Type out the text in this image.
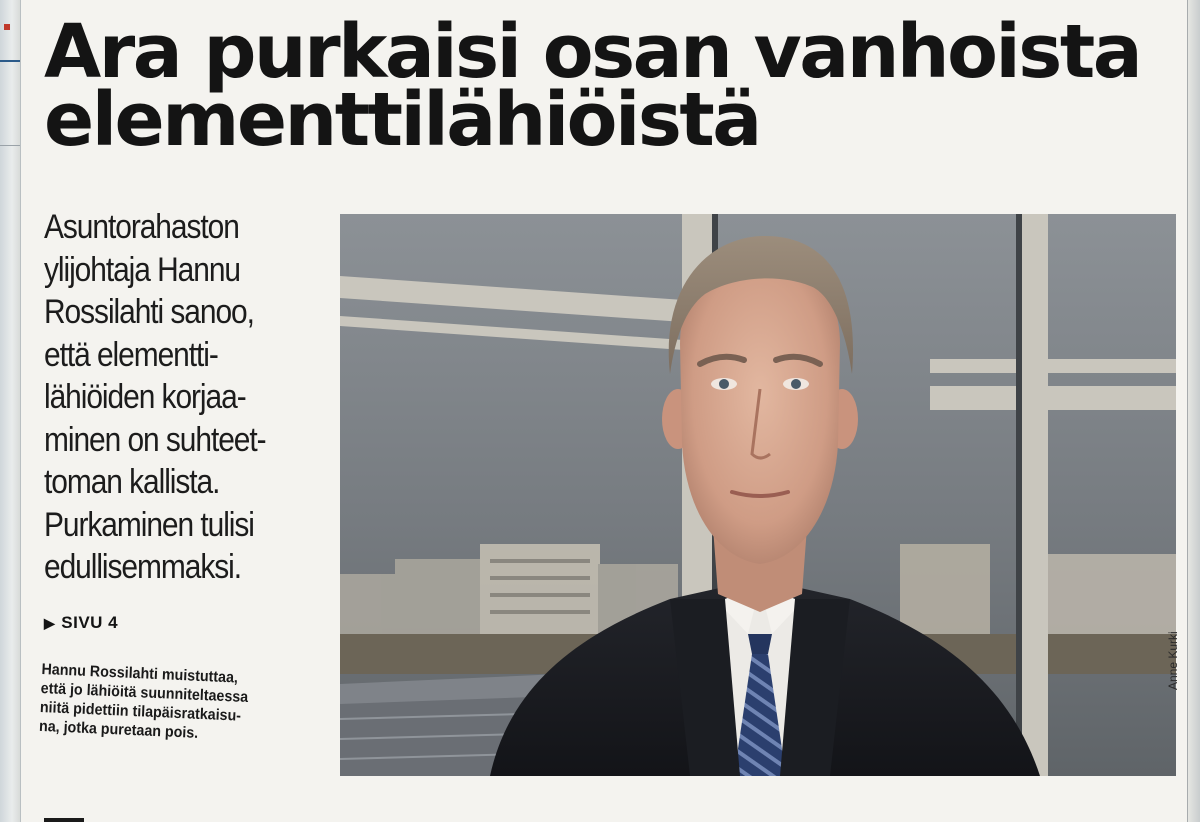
Ara purkaisi osan vanhoista
elementtilähiöistä
Asuntorahaston
ylijohtaja Hannu
Rossilahti sanoo,
että elementti-
lähiöiden korjaa-
minen on suhteet-
toman kallista.
Purkaminen tulisi
edullisemmaksi.
▶ SIVU 4
Hannu Rossilahti muistuttaa,
että jo lähiöitä suunniteltaessa
niitä pidettiin tilapäisratkaisu-
na, jotka puretaan pois.
Anne Kurki
